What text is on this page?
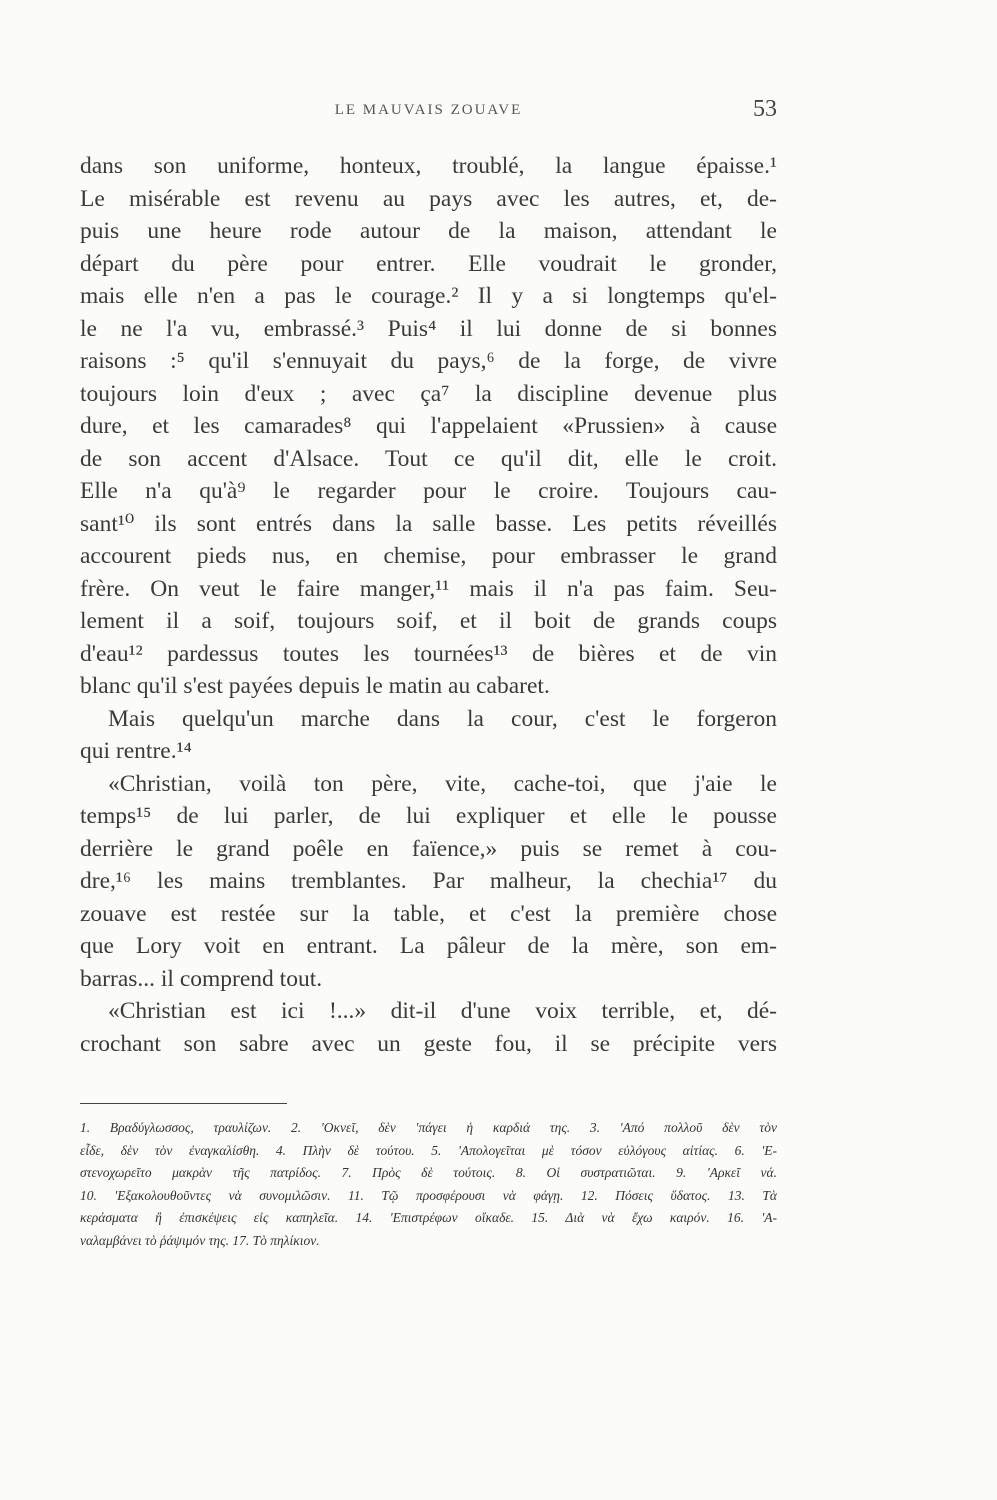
LE MAUVAIS ZOUAVE	53
dans son uniforme, honteux, troublé, la langue épaisse.¹
Le misérable est revenu au pays avec les autres, et, de-
puis une heure rode autour de la maison, attendant le
départ du père pour entrer. Elle voudrait le gronder,
mais elle n'en a pas le courage.² Il y a si longtemps qu'el-
le ne l'a vu, embrassé.³ Puis⁴ il lui donne de si bonnes
raisons :⁵ qu'il s'ennuyait du pays,⁶ de la forge, de vivre
toujours loin d'eux ; avec ça⁷ la discipline devenue plus
dure, et les camarades⁸ qui l'appelaient «Prussien» à cause
de son accent d'Alsace. Tout ce qu'il dit, elle le croit.
Elle n'a qu'à⁹ le regarder pour le croire. Toujours cau-
sant¹⁰ ils sont entrés dans la salle basse. Les petits réveillés
accourent pieds nus, en chemise, pour embrasser le grand
frère. On veut le faire manger,¹¹ mais il n'a pas faim. Seu-
lement il a soif, toujours soif, et il boit de grands coups
d'eau¹² pardessus toutes les tournées¹³ de bières et de vin
blanc qu'il s'est payées depuis le matin au cabaret.
Mais quelqu'un marche dans la cour, c'est le forgeron
qui rentre.¹⁴
«Christian, voilà ton père, vite, cache-toi, que j'aie le
temps¹⁵ de lui parler, de lui expliquer et elle le pousse
derrière le grand poêle en faïence,» puis se remet à cou-
dre,¹⁶ les mains tremblantes. Par malheur, la chechia¹⁷ du
zouave est restée sur la table, et c'est la première chose
que Lory voit en entrant. La pâleur de la mère, son em-
barras... il comprend tout.
«Christian est ici !...» dit-il d'une voix terrible, et, dé-
crochant son sabre avec un geste fou, il se précipite vers
1. Βραδύγλωσσος, τραυλίζων. 2. 'Οκνεῖ, δὲν 'πάγει ἡ καρδιά της. 3. 'Από πολλοῦ δὲν τὸν
εἶδε, δὲν τὸν ἐναγκαλίσθη. 4. Πλὴν δὲ τούτου. 5. 'Απολογεῖται μὲ τόσον εὐλόγους αἰτίας. 6. 'Ε-
στενοχωρεῖτο μακρὰν τῆς πατρίδος. 7. Πρὸς δὲ τούτοις. 8. Οἱ συστρατιῶται. 9. 'Αρκεῖ νά.
10. 'Εξακολουθοῦντες νὰ συνομιλῶσιν. 11. Τῷ προσφέρουσι νὰ φάγῃ. 12. Πόσεις ὕδατος. 13. Τὰ
κεράσματα ἢ ἐπισκέψεις εἰς καπηλεῖα. 14. 'Επιστρέφων οἴκαδε. 15. Διὰ νὰ ἔχω καιρόν. 16. 'Α-
ναλαμβάνει τὸ ῥάψιμόν της. 17. Τὸ πηλίκιον.
